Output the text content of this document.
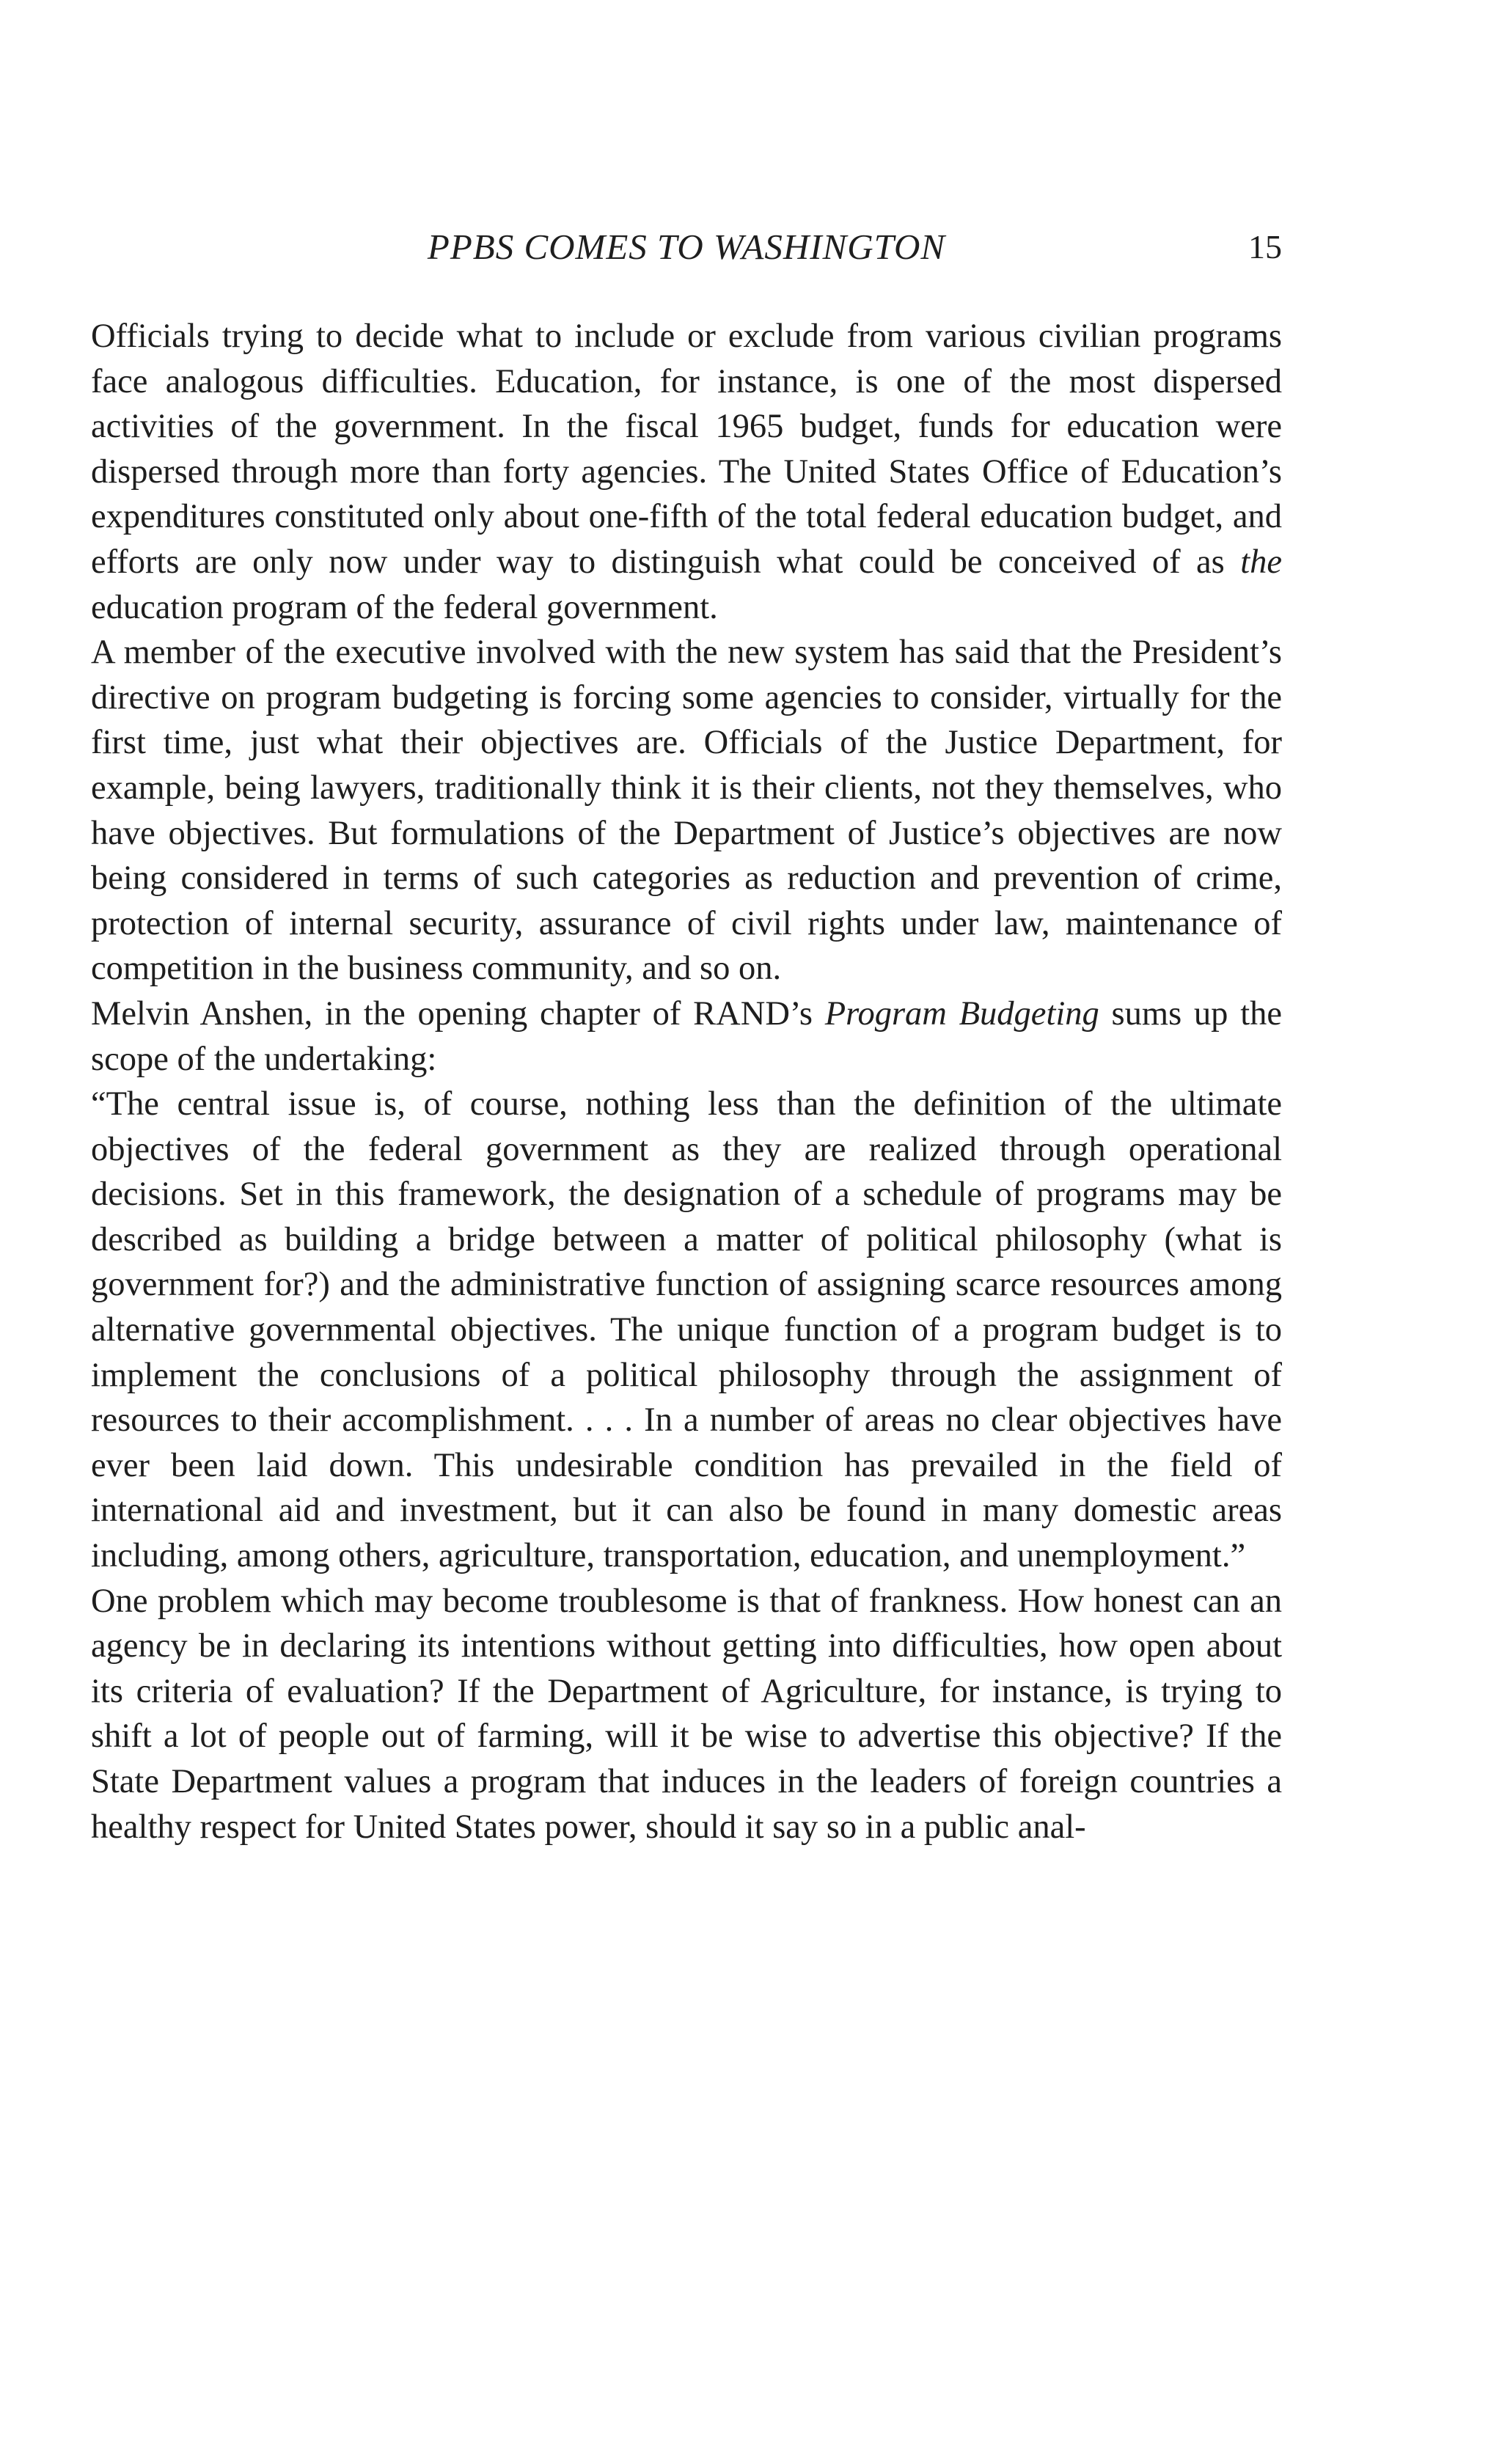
PPBS COMES TO WASHINGTON	15

Officials trying to decide what to include or exclude from various civilian programs face analogous difficulties. Education, for instance, is one of the most dispersed activities of the government. In the fiscal 1965 budget, funds for education were dispersed through more than forty agencies. The United States Office of Education’s expenditures constituted only about one-fifth of the total federal education budget, and efforts are only now under way to distinguish what could be conceived of as the education program of the federal government.

A member of the executive involved with the new system has said that the President’s directive on program budgeting is forcing some agencies to consider, virtually for the first time, just what their objectives are. Officials of the Justice Department, for example, being lawyers, traditionally think it is their clients, not they themselves, who have objectives. But formulations of the Department of Justice’s objectives are now being considered in terms of such categories as reduction and prevention of crime, protection of internal security, assurance of civil rights under law, maintenance of competition in the business community, and so on.

Melvin Anshen, in the opening chapter of RAND’s Program Budgeting sums up the scope of the undertaking:

“The central issue is, of course, nothing less than the definition of the ultimate objectives of the federal government as they are realized through operational decisions. Set in this framework, the designation of a schedule of programs may be described as building a bridge between a matter of political philosophy (what is government for?) and the administrative function of assigning scarce resources among alternative governmental objectives. The unique function of a program budget is to implement the conclusions of a political philosophy through the assignment of resources to their accomplishment. . . . In a number of areas no clear objectives have ever been laid down. This undesirable condition has prevailed in the field of international aid and investment, but it can also be found in many domestic areas including, among others, agriculture, transportation, education, and unemployment.”

One problem which may become troublesome is that of frankness. How honest can an agency be in declaring its intentions without getting into difficulties, how open about its criteria of evaluation? If the Department of Agriculture, for instance, is trying to shift a lot of people out of farming, will it be wise to advertise this objective? If the State Department values a program that induces in the leaders of foreign countries a healthy respect for United States power, should it say so in a public anal-
